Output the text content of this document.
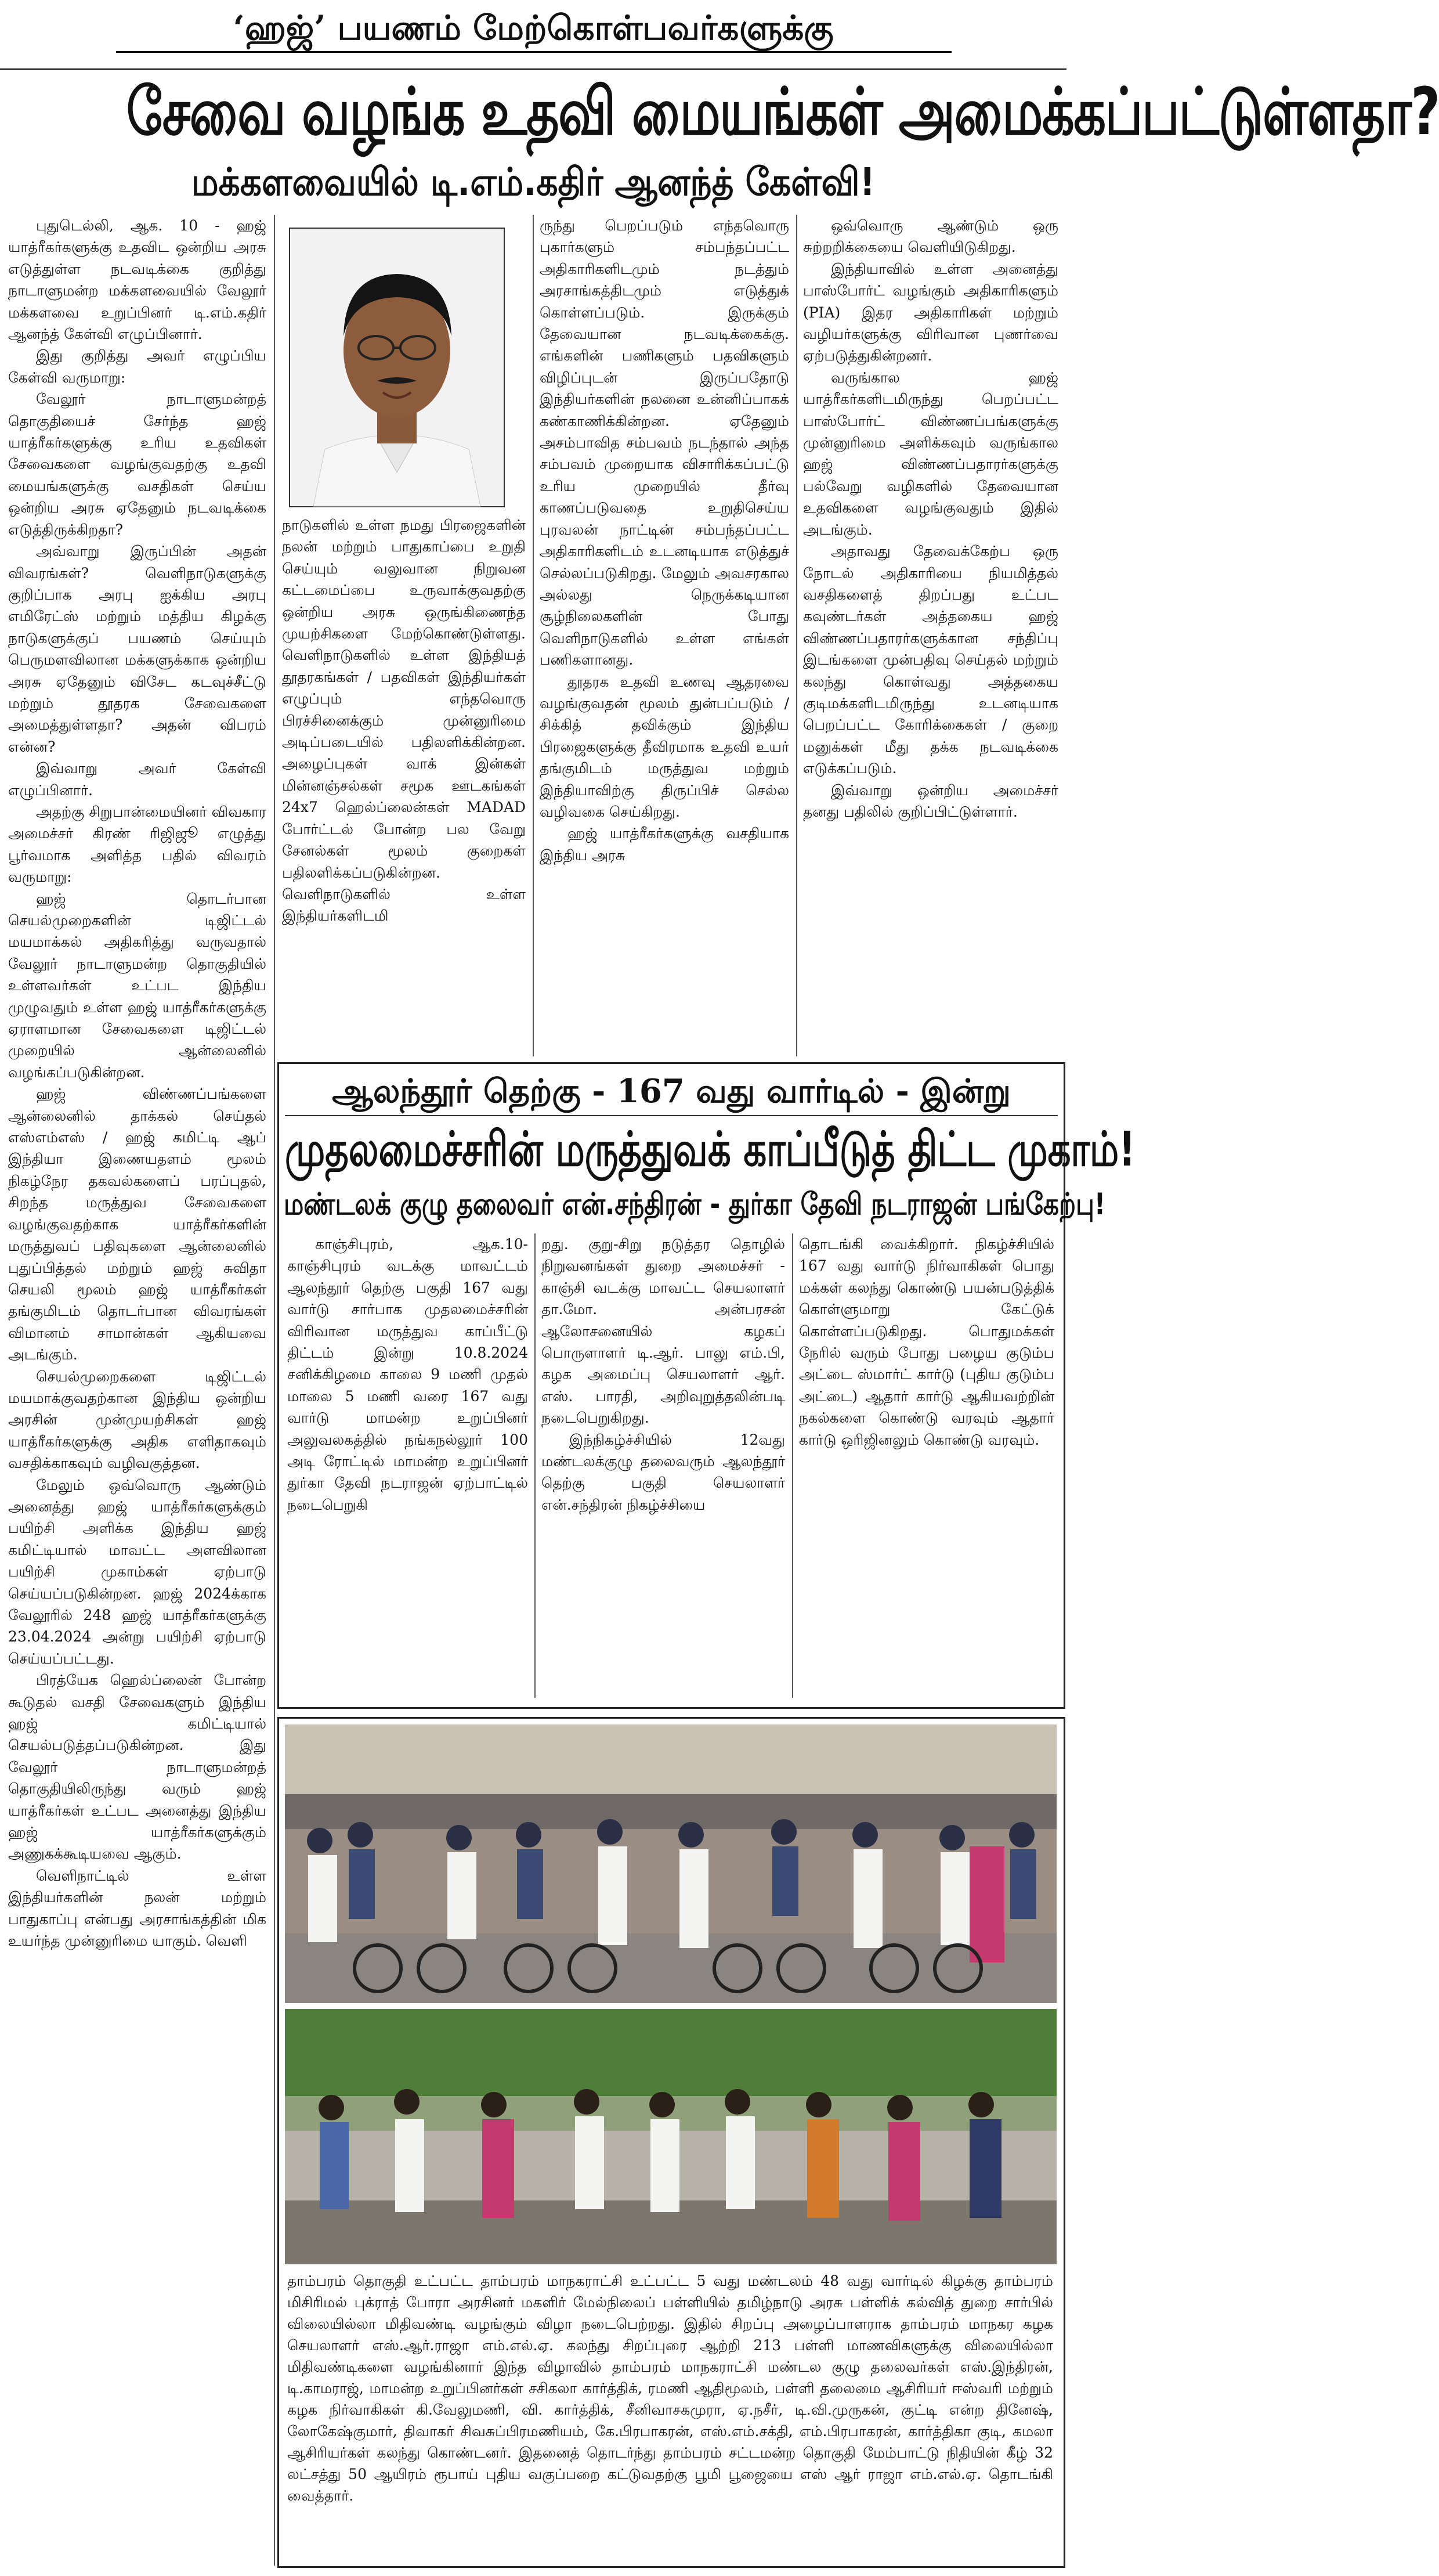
‘ஹஜ்’ பயணம் மேற்கொள்பவர்களுக்கு
சேவை வழங்க உதவி மையங்கள் அமைக்கப்பட்டுள்ளதா?
மக்களவையில் டி.எம்.கதிர் ஆனந்த் கேள்வி!

புதுடெல்லி, ஆக. 10 - ஹஜ் யாத்ரீகர்களுக்கு உதவிட ஒன்றிய அரசு எடுத்துள்ள நடவடிக்கை குறித்து நாடாளுமன்ற மக்களவையில் வேலூர் மக்களவை உறுப்பினர் டி.எம்.கதிர் ஆனந்த் கேள்வி எழுப்பினார்.

இது குறித்து அவர் எழுப்பிய கேள்வி வருமாறு:

வேலூர் நாடாளுமன்றத் தொகுதியைச் சேர்ந்த ஹஜ் யாத்ரீகர்களுக்கு உரிய உதவிகள் சேவைகளை வழங்குவதற்கு உதவி மையங்களுக்கு வசதிகள் செய்ய ஒன்றிய அரசு ஏதேனும் நடவடிக்கை எடுத்திருக்கிறதா?

அவ்வாறு இருப்பின் அதன் விவரங்கள்? வெளிநாடுகளுக்கு குறிப்பாக அரபு ஐக்கிய அரபு எமிரேட்ஸ் மற்றும் மத்திய கிழக்கு நாடுகளுக்குப் பயணம் செய்யும் பெருமளவிலான மக்களுக்காக ஒன்றிய அரசு ஏதேனும் விசேட கடவுச்சீட்டு மற்றும் தூதரக சேவைகளை அமைத்துள்ளதா? அதன் விபரம் என்ன?

இவ்வாறு அவர் கேள்வி எழுப்பினார்.

அதற்கு சிறுபான்மையினர் விவகார அமைச்சர் கிரண் ரிஜிஜூ எழுத்து பூர்வமாக அளித்த பதில் விவரம் வருமாறு:

ஹஜ் தொடர்பான செயல்முறைகளின் டிஜிட்டல் மயமாக்கல் அதிகரித்து வருவதால் வேலூர் நாடாளுமன்ற தொகுதியில் உள்ளவர்கள் உட்பட இந்திய முழுவதும் உள்ள ஹஜ் யாத்ரீகர்களுக்கு ஏராளமான சேவைகளை டிஜிட்டல் முறையில் ஆன்லைனில் வழங்கப்படுகின்றன.

ஹஜ் விண்ணப்பங்களை ஆன்லைனில் தாக்கல் செய்தல் எஸ்எம்எஸ் / ஹஜ் கமிட்டி ஆப் இந்தியா இணையதளம் மூலம் நிகழ்நேர தகவல்களைப் பரப்புதல், சிறந்த மருத்துவ சேவைகளை வழங்குவதற்காக யாத்ரீகர்களின் மருத்துவப் பதிவுகளை ஆன்லைனில் புதுப்பித்தல் மற்றும் ஹஜ் சுவிதா செயலி மூலம் ஹஜ் யாத்ரீகர்கள் தங்குமிடம் தொடர்பான விவரங்கள் விமானம் சாமான்கள் ஆகியவை அடங்கும்.

செயல்முறைகளை டிஜிட்டல் மயமாக்குவதற்கான இந்திய ஒன்றிய அரசின் முன்முயற்சிகள் ஹஜ் யாத்ரீகர்களுக்கு அதிக எளிதாகவும் வசதிக்காகவும் வழிவகுத்தன.

மேலும் ஒவ்வொரு ஆண்டும் அனைத்து ஹஜ் யாத்ரீகர்களுக்கும் பயிற்சி அளிக்க இந்திய ஹஜ் கமிட்டியால் மாவட்ட அளவிலான பயிற்சி முகாம்கள் ஏற்பாடு செய்யப்படுகின்றன. ஹஜ் 2024க்காக வேலூரில் 248 ஹஜ் யாத்ரீகர்களுக்கு 23.04.2024 அன்று பயிற்சி ஏற்பாடு செய்யப்பட்டது.

பிரத்யேக ஹெல்ப்லைன் போன்ற கூடுதல் வசதி சேவைகளும் இந்திய ஹஜ் கமிட்டியால் செயல்படுத்தப்படுகின்றன. இது வேலூர் நாடாளுமன்றத் தொகுதியிலிருந்து வரும் ஹஜ் யாத்ரீகர்கள் உட்பட அனைத்து இந்திய ஹஜ் யாத்ரீகர்களுக்கும் அணுகக்கூடியவை ஆகும்.

வெளிநாட்டில் உள்ள இந்தியர்களின் நலன் மற்றும் பாதுகாப்பு என்பது அரசாங்கத்தின் மிக உயர்ந்த முன்னுரிமை யாகும். வெளி

நாடுகளில் உள்ள நமது பிரஜைகளின் நலன் மற்றும் பாதுகாப்பை உறுதி செய்யும் வலுவான நிறுவன கட்டமைப்பை உருவாக்குவதற்கு ஒன்றிய அரசு ஒருங்கிணைந்த முயற்சிகளை மேற்கொண்டுள்ளது. வெளிநாடுகளில் உள்ள இந்தியத் தூதரகங்கள் / பதவிகள் இந்தியர்கள் எழுப்பும் எந்தவொரு பிரச்சினைக்கும் முன்னுரிமை அடிப்படையில் பதிலளிக்கின்றன. அழைப்புகள் வாக் இன்கள் மின்னஞ்சல்கள் சமூக ஊடகங்கள் 24x7 ஹெல்ப்லைன்கள் MADAD போர்ட்டல் போன்ற பல வேறு சேனல்கள் மூலம் குறைகள் பதிலளிக்கப்படுகின்றன. வெளிநாடுகளில் உள்ள இந்தியர்களிடமி

ருந்து பெறப்படும் எந்தவொரு புகார்களும் சம்பந்தப்பட்ட அதிகாரிகளிடமும் நடத்தும் அரசாங்கத்திடமும் எடுத்துக் கொள்ளப்படும். இருக்கும் தேவையான நடவடிக்கைக்கு. எங்களின் பணிகளும் பதவிகளும் விழிப்புடன் இருப்பதோடு இந்தியர்களின் நலனை உன்னிப்பாகக் கண்காணிக்கின்றன. ஏதேனும் அசம்பாவித சம்பவம் நடந்தால் அந்த சம்பவம் முறையாக விசாரிக்கப்பட்டு உரிய முறையில் தீர்வு காணப்படுவதை உறுதிசெய்ய புரவலன் நாட்டின் சம்பந்தப்பட்ட அதிகாரிகளிடம் உடனடியாக எடுத்துச் செல்லப்படுகிறது. மேலும் அவசரகால அல்லது நெருக்கடியான சூழ்நிலைகளின் போது வெளிநாடுகளில் உள்ள எங்கள் பணிகளானது.

தூதரக உதவி உணவு ஆதரவை வழங்குவதன் மூலம் துன்பப்படும் / சிக்கித் தவிக்கும் இந்திய பிரஜைகளுக்கு தீவிரமாக உதவி உயர் தங்குமிடம் மருத்துவ மற்றும் இந்தியாவிற்கு திருப்பிச் செல்ல வழிவகை செய்கிறது.

ஹஜ் யாத்ரீகர்களுக்கு வசதியாக இந்திய அரசு

ஒவ்வொரு ஆண்டும் ஒரு சுற்றறிக்கையை வெளியிடுகிறது.

இந்தியாவில் உள்ள அனைத்து பாஸ்போர்ட் வழங்கும் அதிகாரிகளும் (PIA) இதர அதிகாரிகள் மற்றும் வழியர்களுக்கு விரிவான புணர்வை ஏற்படுத்துகின்றனர்.

வருங்கால ஹஜ் யாத்ரீகர்களிடமிருந்து பெறப்பட்ட பாஸ்போர்ட் விண்ணப்பங்களுக்கு முன்னுரிமை அளிக்கவும் வருங்கால ஹஜ் விண்ணப்பதாரர்களுக்கு பல்வேறு வழிகளில் தேவையான உதவிகளை வழங்குவதும் இதில் அடங்கும்.

அதாவது தேவைக்கேற்ப ஒரு நோடல் அதிகாரியை நியமித்தல் வசதிகளைத் திறப்பது உட்பட கவுண்டர்கள் அத்தகைய ஹஜ் விண்ணப்பதாரர்களுக்கான சந்திப்பு இடங்களை முன்பதிவு செய்தல் மற்றும் கலந்து கொள்வது அத்தகைய குடிமக்களிடமிருந்து உடனடியாக பெறப்பட்ட கோரிக்கைகள் / குறை மனுக்கள் மீது தக்க நடவடிக்கை எடுக்கப்படும்.

இவ்வாறு ஒன்றிய அமைச்சர் தனது பதிலில் குறிப்பிட்டுள்ளார்.

ஆலந்தூர் தெற்கு - 167 வது வார்டில் - இன்று
முதலமைச்சரின் மருத்துவக் காப்பீடுத் திட்ட முகாம்!
மண்டலக் குழு தலைவர் என்.சந்திரன் - துர்கா தேவி நடராஜன் பங்கேற்பு!

காஞ்சிபுரம், ஆக.10- காஞ்சிபுரம் வடக்கு மாவட்டம் ஆலந்தூர் தெற்கு பகுதி 167 வது வார்டு சார்பாக முதலமைச்சரின் விரிவான மருத்துவ காப்பீட்டு திட்டம் இன்று 10.8.2024 சனிக்கிழமை காலை 9 மணி முதல் மாலை 5 மணி வரை 167 வது வார்டு மாமன்ற உறுப்பினர் அலுவலகத்தில் நங்கநல்லூர் 100 அடி ரோட்டில் மாமன்ற உறுப்பினர் துர்கா தேவி நடராஜன் ஏற்பாட்டில் நடைபெறுகி

றது. குறு-சிறு நடுத்தர தொழில் நிறுவனங்கள் துறை அமைச்சர் - காஞ்சி வடக்கு மாவட்ட செயலாளர் தா.மோ. அன்பரசன் ஆலோசனையில் கழகப் பொருளாளர் டி.ஆர். பாலு எம்.பி, கழக அமைப்பு செயலாளர் ஆர். எஸ். பாரதி, அறிவுறுத்தலின்படி நடைபெறுகிறது.

இந்நிகழ்ச்சியில் 12வது மண்டலக்குழு தலைவரும் ஆலந்தூர் தெற்கு பகுதி செயலாளர் என்.சந்திரன் நிகழ்ச்சியை

தொடங்கி வைக்கிறார். நிகழ்ச்சியில் 167 வது வார்டு நிர்வாகிகள் பொது மக்கள் கலந்து கொண்டு பயன்படுத்திக் கொள்ளுமாறு கேட்டுக் கொள்ளப்படுகிறது. பொதுமக்கள் நேரில் வரும் போது பழைய குடும்ப அட்டை ஸ்மார்ட் கார்டு (புதிய குடும்ப அட்டை) ஆதார் கார்டு ஆகியவற்றின் நகல்களை கொண்டு வரவும் ஆதார் கார்டு ஒரிஜினலும் கொண்டு வரவும்.

தாம்பரம் தொகுதி உட்பட்ட தாம்பரம் மாநகராட்சி உட்பட்ட 5 வது மண்டலம் 48 வது வார்டில் கிழக்கு தாம்பரம் மிசிரிமல் புக்ராத் போரா அரசினர் மகளிர் மேல்நிலைப் பள்ளியில் தமிழ்நாடு அரசு பள்ளிக் கல்வித் துறை சார்பில் விலையில்லா மிதிவண்டி வழங்கும் விழா நடைபெற்றது. இதில் சிறப்பு அழைப்பாளராக தாம்பரம் மாநகர கழக செயலாளர் எஸ்.ஆர்.ராஜா எம்.எல்.ஏ. கலந்து சிறப்புரை ஆற்றி 213 பள்ளி மாணவிகளுக்கு விலையில்லா மிதிவண்டிகளை வழங்கினார் இந்த விழாவில் தாம்பரம் மாநகராட்சி மண்டல குழு தலைவர்கள் எஸ்.இந்திரன், டி.காமராஜ், மாமன்ற உறுப்பினர்கள் சசிகலா கார்த்திக், ரமணி ஆதிமூலம், பள்ளி தலைமை ஆசிரியர் ஈஸ்வரி மற்றும் கழக நிர்வாகிகள் கி.வேலுமணி, வி. கார்த்திக், சீனிவாசகமுரா, ஏ.நசீர், டி.வி.முருகன், குட்டி என்ற தினேஷ், லோகேஷ்குமார், திவாகர் சிவசுப்பிரமணியம், கே.பிரபாகரன், எஸ்.எம்.சக்தி, எம்.பிரபாகரன், கார்த்திகா குடி, கமலா ஆசிரியர்கள் கலந்து கொண்டனர். இதனைத் தொடர்ந்து தாம்பரம் சட்டமன்ற தொகுதி மேம்பாட்டு நிதியின் கீழ் 32 லட்சத்து 50 ஆயிரம் ரூபாய் புதிய வகுப்பறை கட்டுவதற்கு பூமி பூஜையை எஸ் ஆர் ராஜா எம்.எல்.ஏ. தொடங்கி வைத்தார்.
